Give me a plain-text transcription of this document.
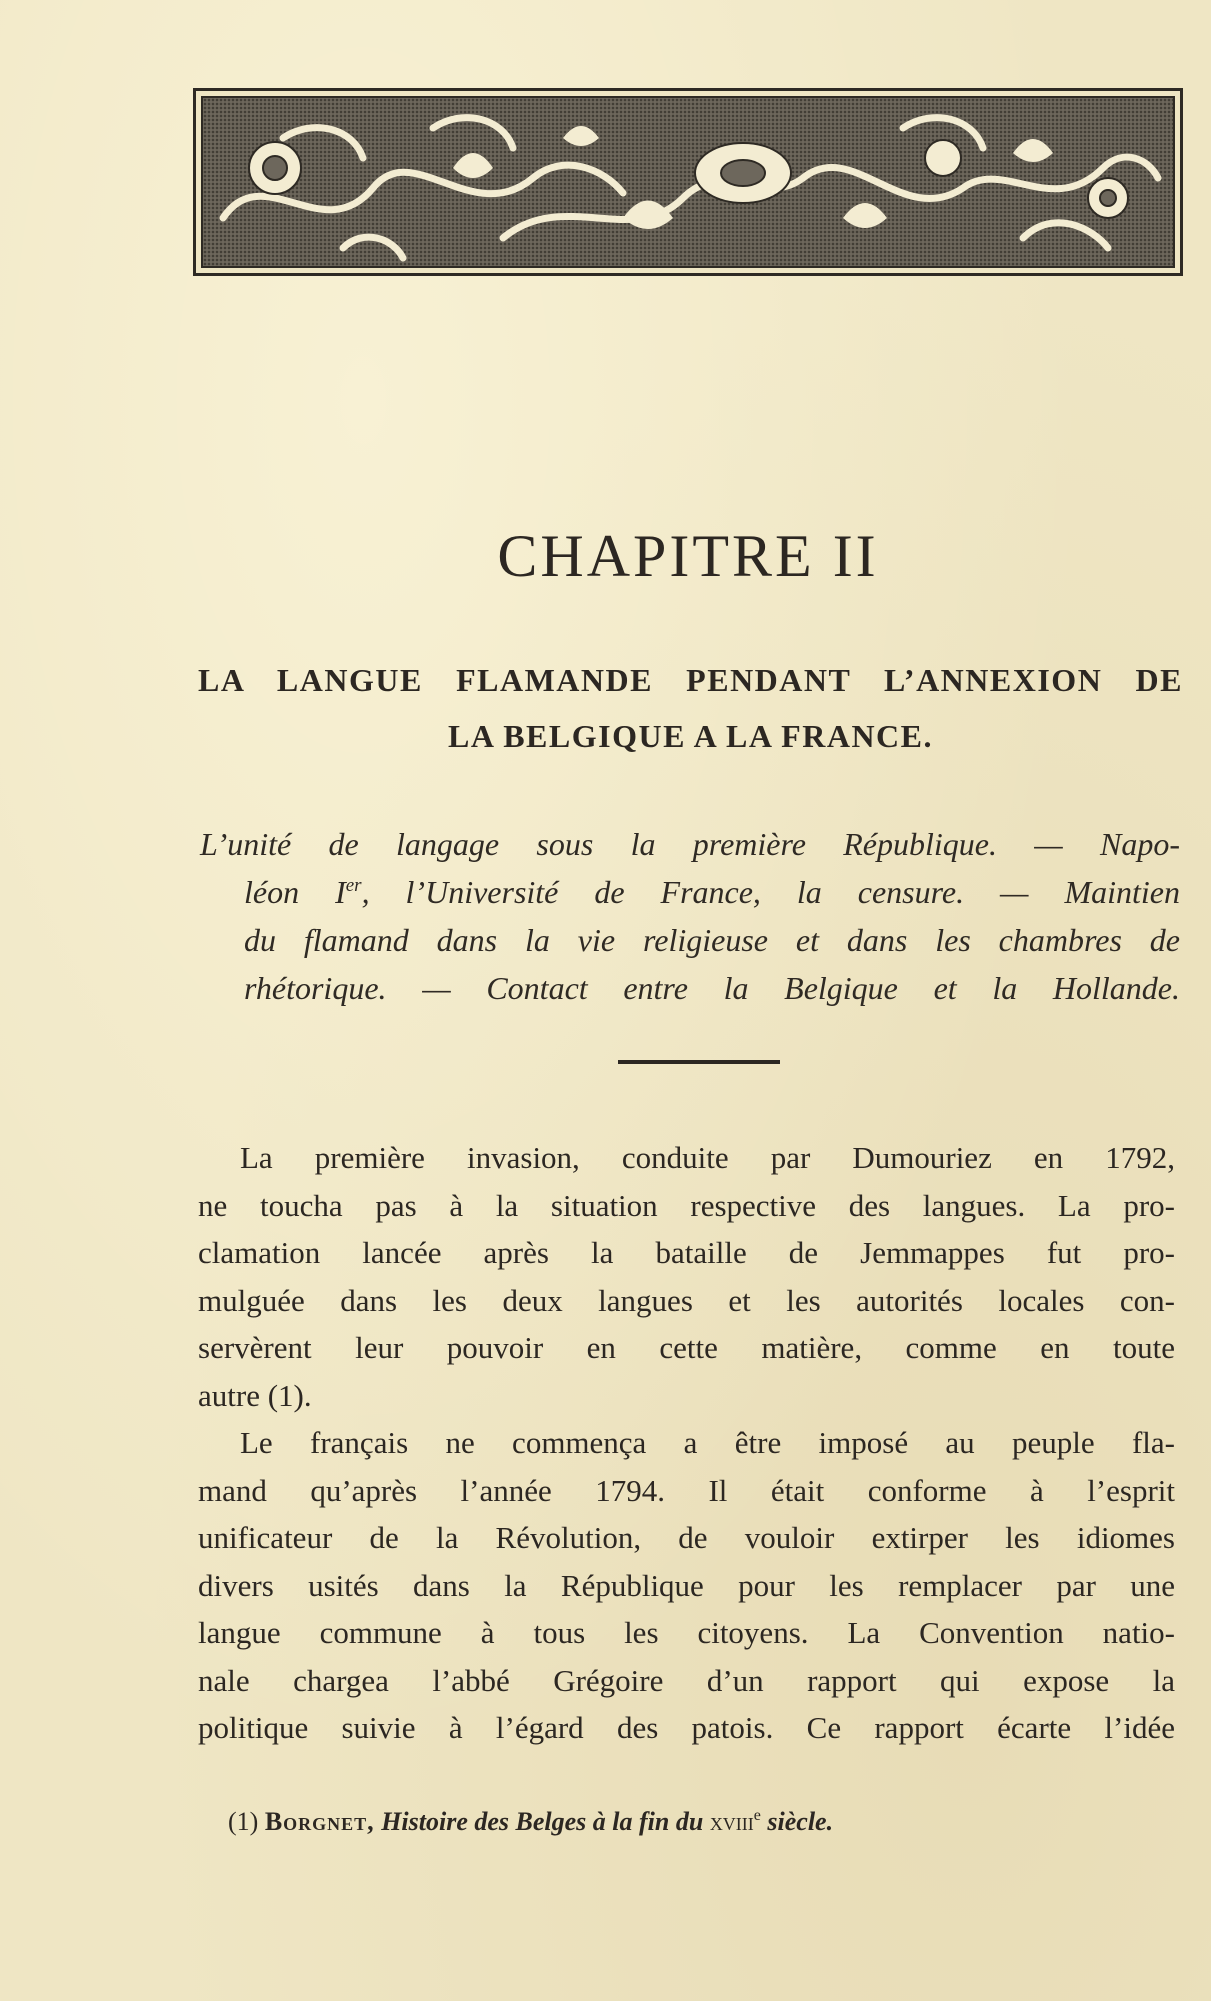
CHAPITRE II
LA LANGUE FLAMANDE PENDANT L’ANNEXION DE
LA BELGIQUE A LA FRANCE.
L’unité de langage sous la première République. — Napo-
léon Ier, l’Université de France, la censure. — Maintien
du flamand dans la vie religieuse et dans les chambres de
rhétorique. — Contact entre la Belgique et la Hollande.
La première invasion, conduite par Dumouriez en 1792,
ne toucha pas à la situation respective des langues. La pro-
clamation lancée après la bataille de Jemmappes fut pro-
mulguée dans les deux langues et les autorités locales con-
servèrent leur pouvoir en cette matière, comme en toute
autre (1).
Le français ne commença a être imposé au peuple fla-
mand qu’après l’année 1794. Il était conforme à l’esprit
unificateur de la Révolution, de vouloir extirper les idiomes
divers usités dans la République pour les remplacer par une
langue commune à tous les citoyens. La Convention natio-
nale chargea l’abbé Grégoire d’un rapport qui expose la
politique suivie à l’égard des patois. Ce rapport écarte l’idée
(1) Borgnet, Histoire des Belges à la fin du xviii$^e$ siècle.
